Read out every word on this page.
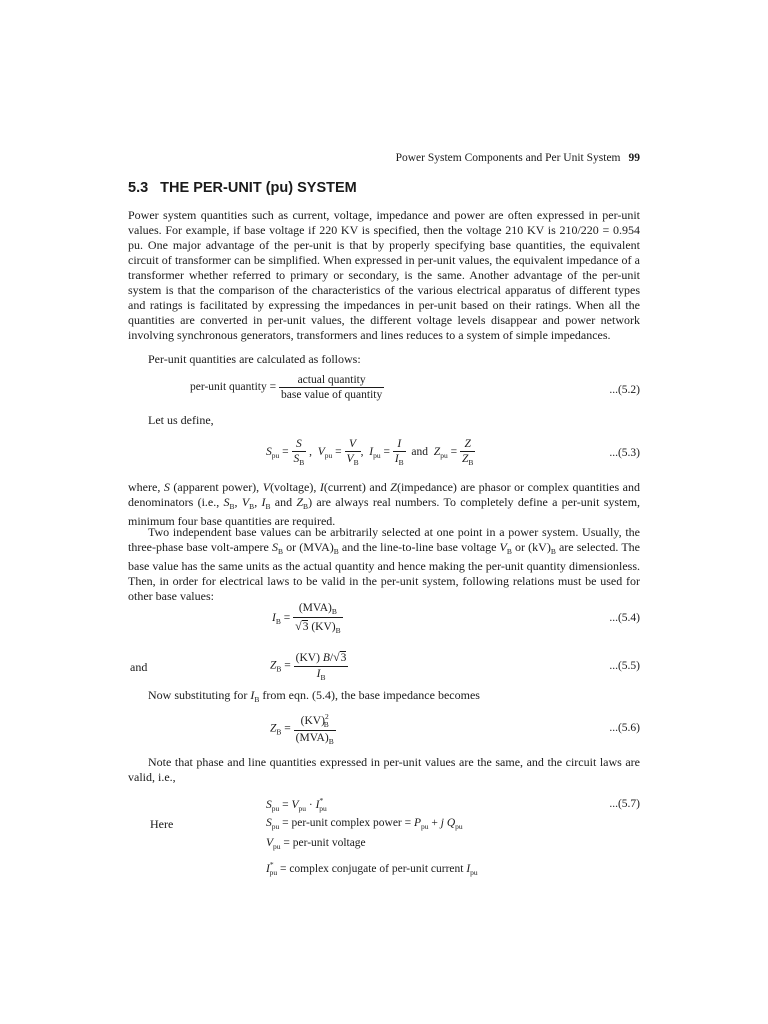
Power System Components and Per Unit System 99
5.3 THE PER-UNIT (pu) SYSTEM
Power system quantities such as current, voltage, impedance and power are often expressed in per-unit values. For example, if base voltage if 220 KV is specified, then the voltage 210 KV is 210/220 = 0.954 pu. One major advantage of the per-unit is that by properly specifying base quantities, the equivalent circuit of transformer can be simplified. When expressed in per-unit values, the equivalent impedance of a transformer whether referred to primary or secondary, is the same. Another advantage of the per-unit system is that the comparison of the characteristics of the various electrical apparatus of different types and ratings is facilitated by expressing the impedances in per-unit based on their ratings. When all the quantities are converted in per-unit values, the different voltage levels disappear and power network involving synchronous generators, transformers and lines reduces to a system of simple impedances.
Per-unit quantities are calculated as follows:
per-unit quantity = $\frac{\text{actual quantity}}{\text{base value of quantity}}$	...(5.2)
Let us define,
$S_{pu} = \frac{S}{S_B}$ ,  $V_{pu} = \frac{V}{V_B}$ ,  $I_{pu} = \frac{I}{I_B}$ and  $Z_{pu} = \frac{Z}{Z_B}$	...(5.3)
where, S (apparent power), V(voltage), I(current) and Z(impedance) are phasor or complex quantities and denominators (i.e., $S_B$, $V_B$, $I_B$ and $Z_B$) are always real numbers. To completely define a per-unit system, minimum four base quantities are required.
Two independent base values can be arbitrarily selected at one point in a power system. Usually, the three-phase base volt-ampere $S_B$ or $(MVA)_B$ and the line-to-line base voltage $V_B$ or $(kV)_B$ are selected. The base value has the same units as the actual quantity and hence making the per-unit quantity dimensionless. Then, in order for electrical laws to be valid in the per-unit system, following relations must be used for other base values:
$I_B = \frac{(MVA)_B}{√3 (KV)_B}$	...(5.4)
and	$Z_B = \frac{(KV) B/√3}{I_B}$	...(5.5)
Now substituting for $I_B$ from eqn. (5.4), the base impedance becomes
$Z_B = \frac{(KV)^2_B}{(MVA)_B}$	...(5.6)
Note that phase and line quantities expressed in per-unit values are the same, and the circuit laws are valid, i.e.,
$S_{pu} = V_{pu} \cdot I^*_{pu}$	...(5.7)
Here	$S_{pu}$ = per-unit complex power = $P_{pu} + j$ $Q_{pu}$
$V_{pu}$ = per-unit voltage
$I^*_{pu}$ = complex conjugate of per-unit current $I_{pu}$
